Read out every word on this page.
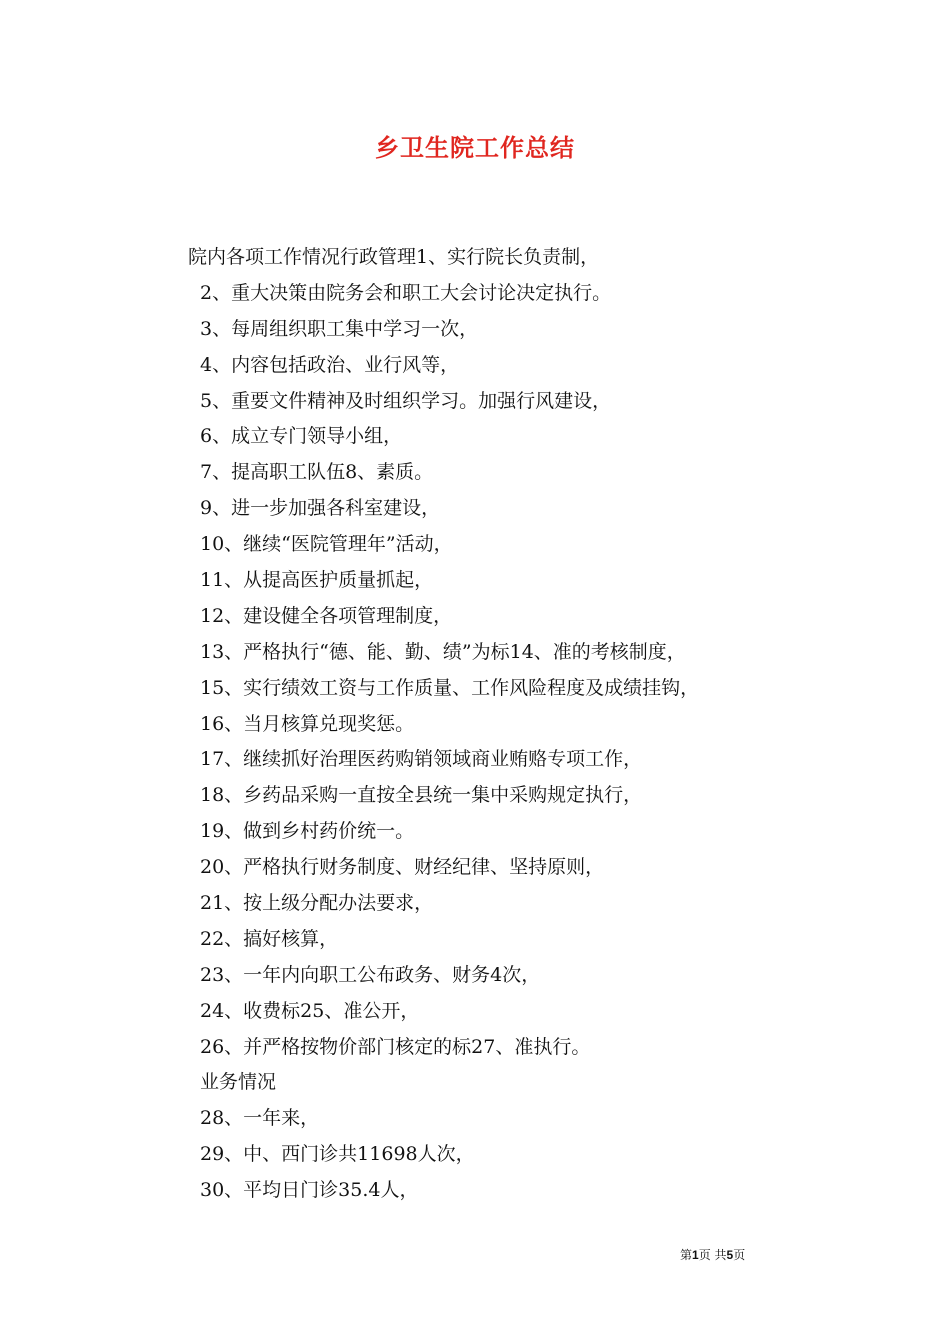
乡卫生院工作总结
院内各项工作情况行政管理1、实行院长负责制，
2、重大决策由院务会和职工大会讨论决定执行。
3、每周组织职工集中学习一次，
4、内容包括政治、业行风等，
5、重要文件精神及时组织学习。加强行风建设，
6、成立专门领导小组，
7、提高职工队伍8、素质。
9、进一步加强各科室建设，
10、继续“医院管理年”活动，
11、从提高医护质量抓起，
12、建设健全各项管理制度，
13、严格执行“德、能、勤、绩”为标14、准的考核制度，
15、实行绩效工资与工作质量、工作风险程度及成绩挂钩，
16、当月核算兑现奖惩。
17、继续抓好治理医药购销领域商业贿赂专项工作，
18、乡药品采购一直按全县统一集中采购规定执行，
19、做到乡村药价统一。
20、严格执行财务制度、财经纪律、坚持原则，
21、按上级分配办法要求，
22、搞好核算，
23、一年内向职工公布政务、财务4次，
24、收费标25、准公开，
26、并严格按物价部门核定的标27、准执行。
业务情况
28、一年来，
29、中、西门诊共11698人次，
30、平均日门诊35.4人，
第1页 共5页
